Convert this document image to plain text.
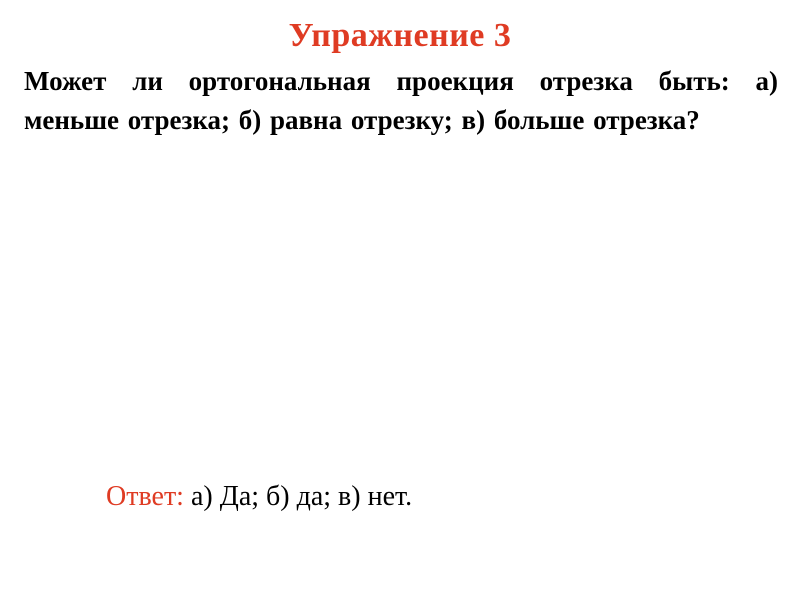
Упражнение 3
Может ли ортогональная проекция отрезка быть: а)
меньше отрезка; б) равна отрезку; в) больше отрезка?

Ответ: а) Да; б) да; в) нет.
